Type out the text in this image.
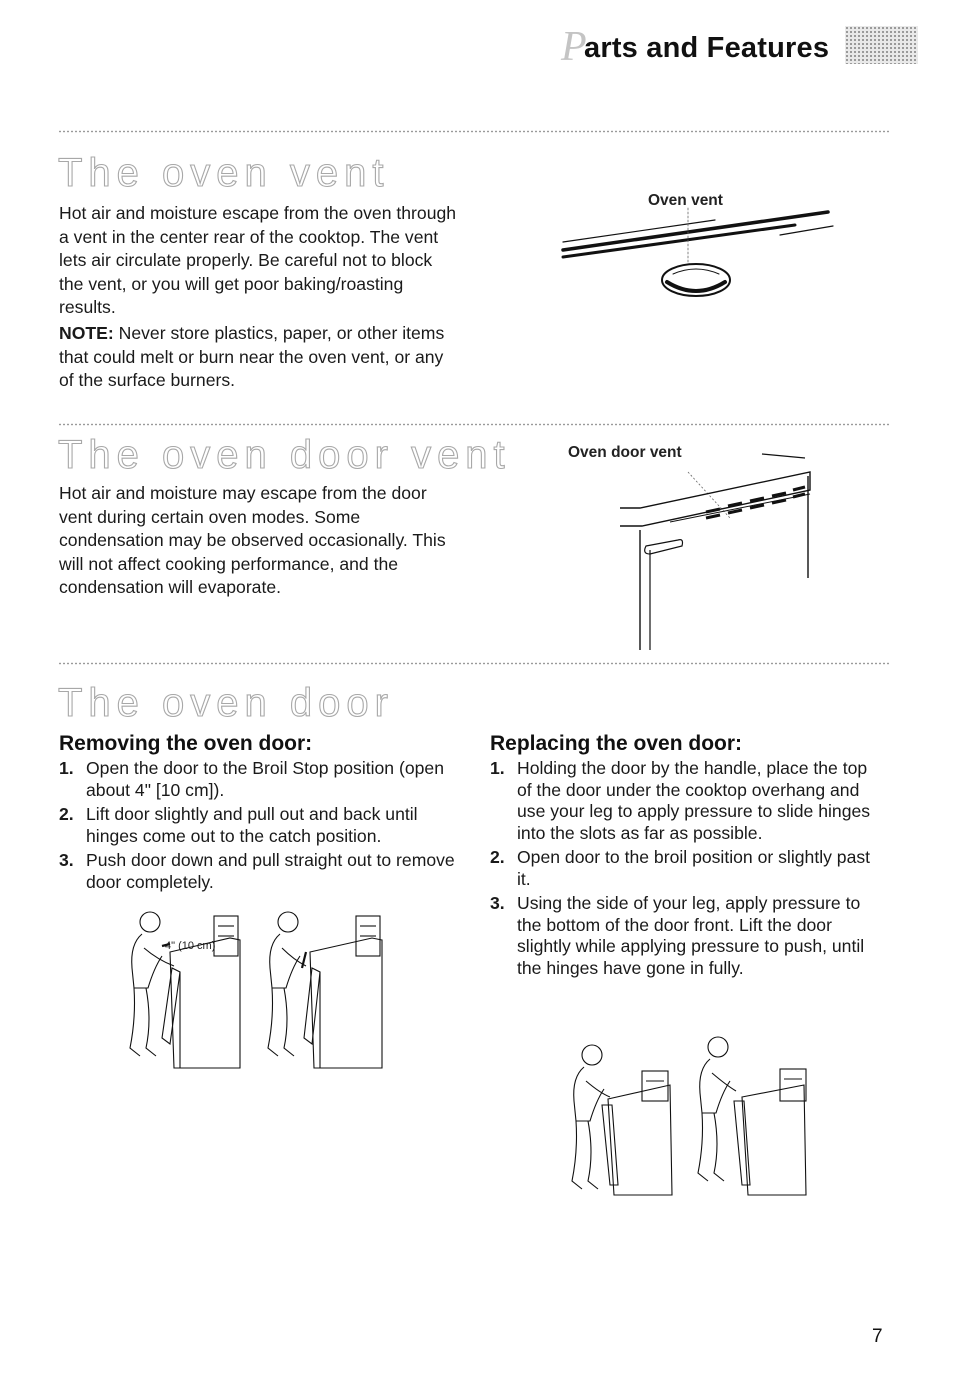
P
arts and Features
The oven vent

Hot air and moisture escape from the oven through a vent in the center rear of the cooktop. The vent lets air circulate properly. Be careful not to block the vent, or you will get poor baking/roasting results.

NOTE: Never store plastics, paper, or other items that could melt or burn near the oven vent, or any of the surface burners.

Oven vent
The oven door vent

Hot air and moisture may escape from the door vent during certain oven modes. Some condensation may be observed occasionally. This will not affect cooking performance, and the condensation will evaporate.

Oven door vent
The oven door
Removing the oven door:
1. Open the door to the Broil Stop position (open about 4" [10 cm]).
2. Lift door slightly and pull out and back until hinges come out to the catch position.
3. Push door down and pull straight out to remove door completely.
4" (10 cm)
Replacing the oven door:
1. Holding the door by the handle, place the top of the door under the cooktop overhang and use your leg to apply pressure to slide hinges into the slots as far as possible.
2. Open door to the broil position or slightly past it.
3. Using the side of your leg, apply pressure to the bottom of the door front. Lift the door slightly while applying pressure to push, until the hinges have gone in fully.
7
